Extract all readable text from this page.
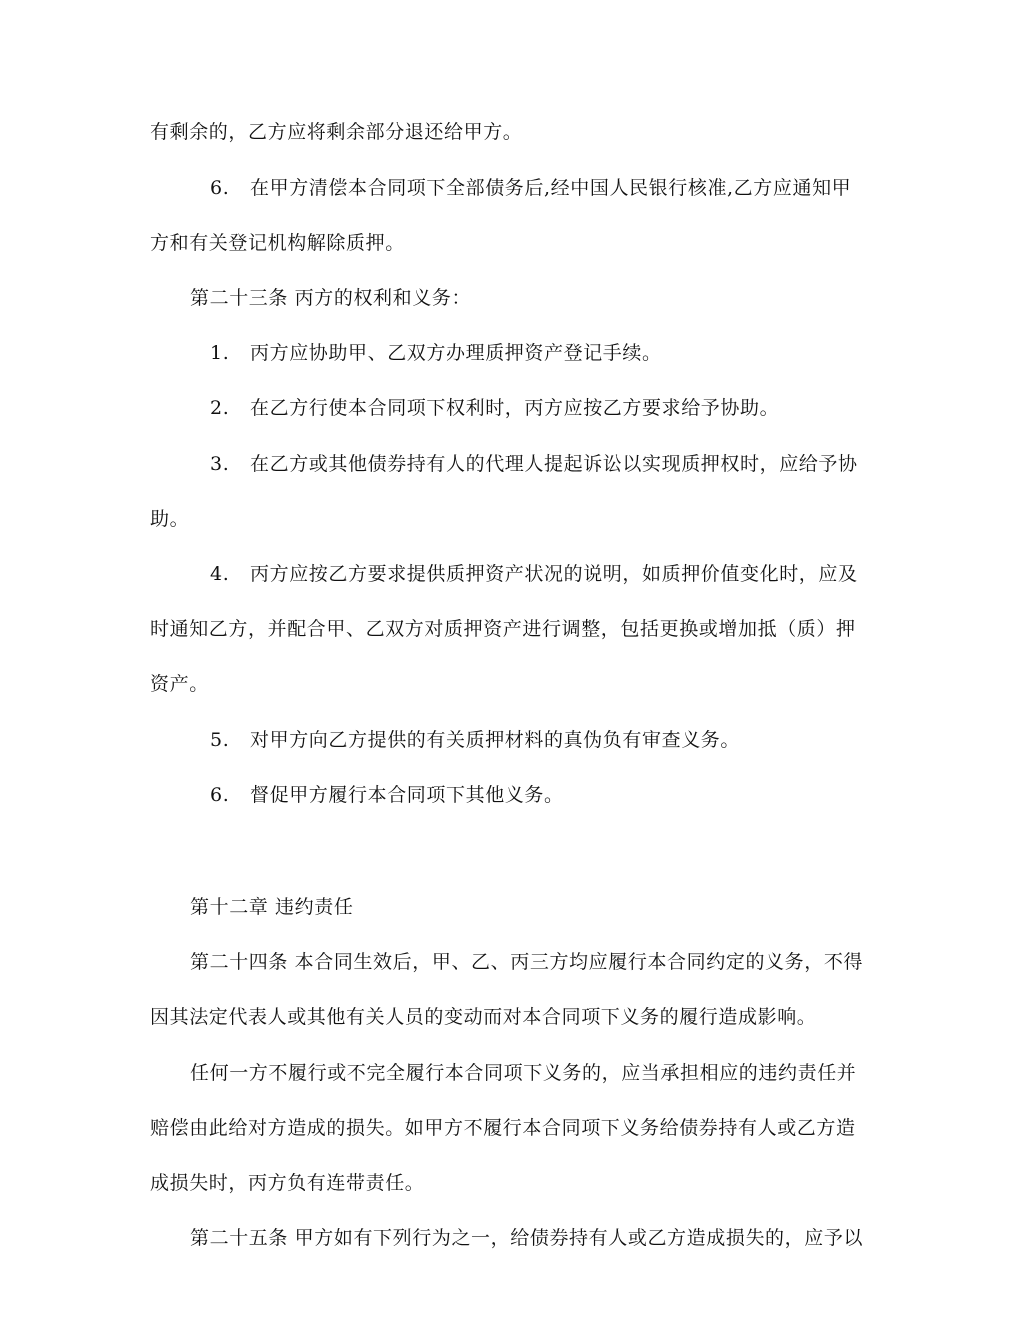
有剩余的，乙方应将剩余部分退还给甲方。
6. 在甲方清偿本合同项下全部债务后,经中国人民银行核准,乙方应通知甲
方和有关登记机构解除质押。
第二十三条 丙方的权利和义务：
1. 丙方应协助甲、乙双方办理质押资产登记手续。
2. 在乙方行使本合同项下权利时，丙方应按乙方要求给予协助。
3. 在乙方或其他债券持有人的代理人提起诉讼以实现质押权时，应给予协
助。
4. 丙方应按乙方要求提供质押资产状况的说明，如质押价值变化时，应及
时通知乙方，并配合甲、乙双方对质押资产进行调整，包括更换或增加抵（质）押
资产。
5. 对甲方向乙方提供的有关质押材料的真伪负有审查义务。
6. 督促甲方履行本合同项下其他义务。
第十二章 违约责任
第二十四条 本合同生效后，甲、乙、丙三方均应履行本合同约定的义务，不得
因其法定代表人或其他有关人员的变动而对本合同项下义务的履行造成影响。
任何一方不履行或不完全履行本合同项下义务的，应当承担相应的违约责任并
赔偿由此给对方造成的损失。如甲方不履行本合同项下义务给债券持有人或乙方造
成损失时，丙方负有连带责任。
第二十五条 甲方如有下列行为之一，给债券持有人或乙方造成损失的，应予以
